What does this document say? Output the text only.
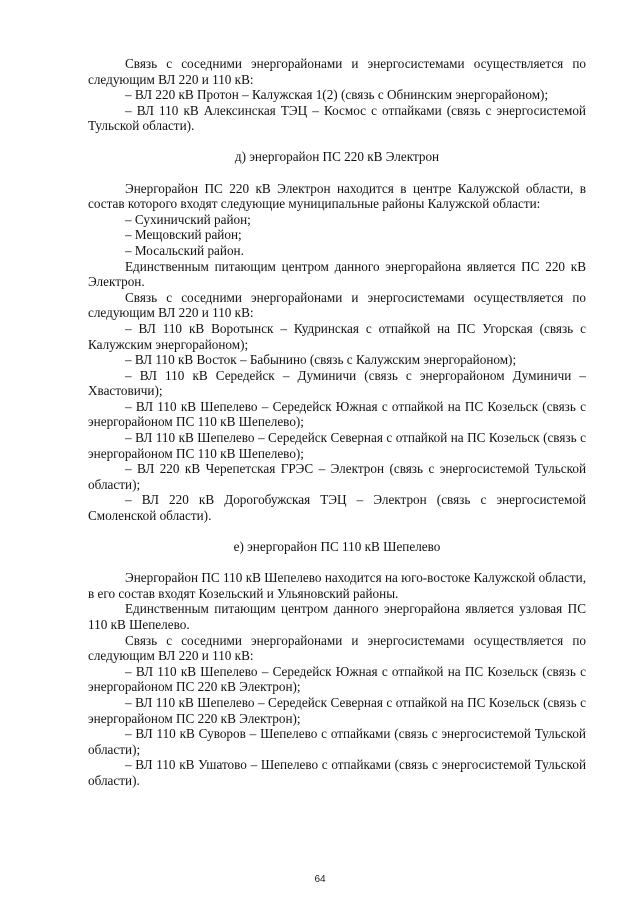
Связь с соседними энергорайонами и энергосистемами осуществляется по следующим ВЛ 220 и 110 кВ:

– ВЛ 220 кВ Протон – Калужская 1(2) (связь с Обнинским энергорайоном);

– ВЛ 110 кВ Алексинская ТЭЦ – Космос с отпайками (связь с энергосистемой Тульской области).

д) энергорайон ПС 220 кВ Электрон

Энергорайон ПС 220 кВ Электрон находится в центре Калужской области, в состав которого входят следующие муниципальные районы Калужской области:

– Сухиничский район;

– Мещовский район;

– Мосальский район.

Единственным питающим центром данного энергорайона является ПС 220 кВ Электрон.

Связь с соседними энергорайонами и энергосистемами осуществляется по следующим ВЛ 220 и 110 кВ:

– ВЛ 110 кВ Воротынск – Кудринская с отпайкой на ПС Угорская (связь с Калужским энергорайоном);

– ВЛ 110 кВ Восток – Бабынино (связь с Калужским энергорайоном);

– ВЛ 110 кВ Середейск – Думиничи (связь с энергорайоном Думиничи – Хвастовичи);

– ВЛ 110 кВ Шепелево – Середейск Южная с отпайкой на ПС Козельск (связь с энергорайоном ПС 110 кВ Шепелево);

– ВЛ 110 кВ Шепелево – Середейск Северная с отпайкой на ПС Козельск (связь с энергорайоном ПС 110 кВ Шепелево);

– ВЛ 220 кВ Черепетская ГРЭС – Электрон (связь с энергосистемой Тульской области);

– ВЛ 220 кВ Дорогобужская ТЭЦ – Электрон (связь с энергосистемой Смоленской области).

е) энергорайон ПС 110 кВ Шепелево

Энергорайон ПС 110 кВ Шепелево находится на юго-востоке Калужской области, в его состав входят Козельский и Ульяновский районы.

Единственным питающим центром данного энергорайона является узловая ПС 110 кВ Шепелево.

Связь с соседними энергорайонами и энергосистемами осуществляется по следующим ВЛ 220 и 110 кВ:

– ВЛ 110 кВ Шепелево – Середейск Южная с отпайкой на ПС Козельск (связь с энергорайоном ПС 220 кВ Электрон);

– ВЛ 110 кВ Шепелево – Середейск Северная с отпайкой на ПС Козельск (связь с энергорайоном ПС 220 кВ Электрон);

– ВЛ 110 кВ Суворов – Шепелево с отпайками (связь с энергосистемой Тульской области);

– ВЛ 110 кВ Ушатово – Шепелево с отпайками (связь с энергосистемой Тульской области).

64
